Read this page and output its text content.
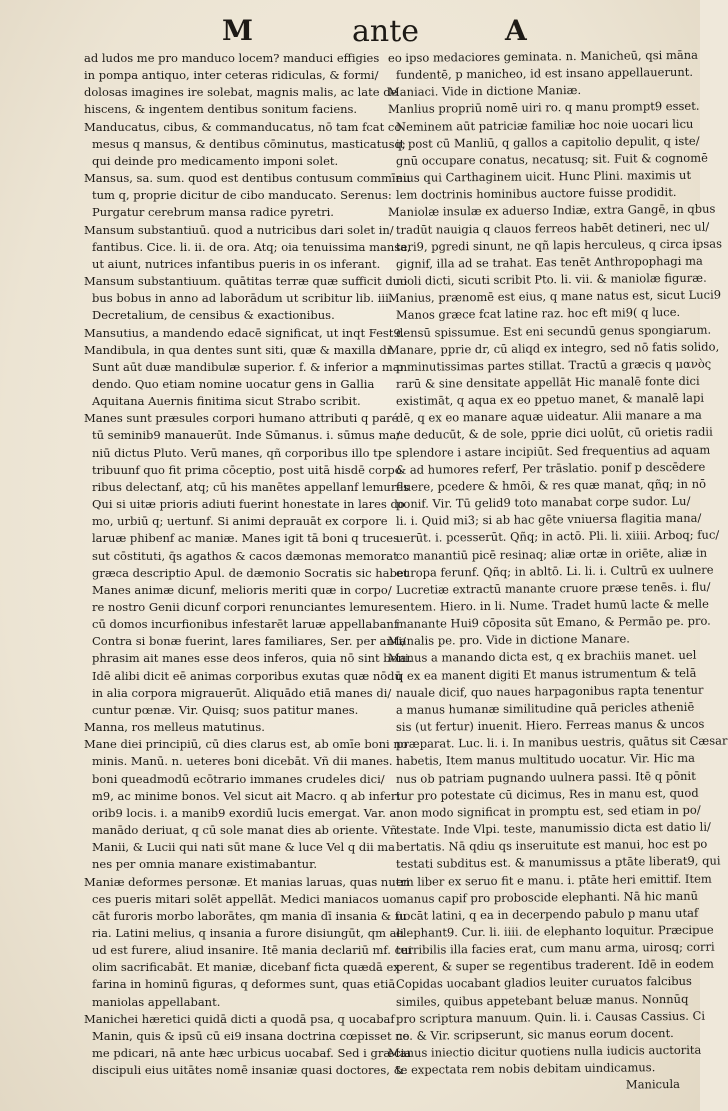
M	ante	A
ad ludos me pro manduco locem? manduci effigies
in pompa antiquo, inter ceteras ridiculas, & formi/
dolosas imagines ire solebat, magnis malis, ac late de
hiscens, & ingentem dentibus sonitum faciens.
Manducatus, cibus, & commanducatus, nō tam fcat co
mesus q mansus, & dentibus cōminutus, masticatusq;
qui deinde pro medicamento imponi solet.
Mansus, sa. sum. quod est dentibus contusum commīnu
tum q, proprie dicitur de cibo manducato. Serenus:
Purgatur cerebrum mansa radice pyretri.
Mansum substantiuū. quod a nutricibus dari solet in/
fantibus. Cice. li. ii. de ora. Atq; oia tenuissima mansa,
ut aiunt, nutrices infantibus pueris in os inferant.
Mansum substantiuum. quātitas terræ quæ sufficit duo
bus bobus in anno ad laborādum ut scribitur lib. iii.
Decretalium, de censibus & exactionibus.
Mansutius, a mandendo edacē significat, ut inqt Fest9.
Mandibula, in qua dentes sunt siti, quæ & maxilla dr.
Sunt aūt duæ mandibulæ superior. f. & inferior a man
dendo. Quo etiam nomine uocatur gens in Gallia
Aquitana Auernis finitima sicut Strabo scribit.
Manes sunt præsules corpori humano attributi q paré
tū seminib9 manauerūt. Inde Sūmanus. i. sūmus ma/
niū dictus Pluto. Verū manes, qñ corporibus illo tpe
tribuunf quo fit prima cōceptio, post uitā hisdē corpo
ribus delectanf, atq; cū his manētes appellanf lemures
Qui si uitæ prioris adiuti fuerint honestate in lares do
mo, urbiū q; uertunf. Si animi deprauāt ex corpore
laruæ phibenf ac maniæ. Manes igit tā boni q truces
sut cōstituti, q̄s agathos & cacos dæmonas memorat
græca descriptio Apul. de dæmonio Socratis sic habet
Manes animæ dicunf, melioris meriti quæ in corpo/
re nostro Genii dicunf corpori renunciantes lemures
cū domos incurfionibus infestarēt laruæ appellabanf
Contra si bonæ fuerint, lares familiares, Ser. per anti/
phrasim ait manes esse deos inferos, quia nō sint boni.
Idē alibi dicit eē animas corporibus exutas quæ nōdū
in alia corpora migrauerūt. Aliquādo etiā manes di/
cuntur pœnæ. Vir. Quisq; suos patitur manes.
Manna, ros melleus matutinus.
Mane diei principiū, cū dies clarus est, ab omīe boni no
minis. Manū. n. ueteres boni dicebāt. Vñ dii manes. i.
boni queadmodū ecōtrario immanes crudeles dici/
m9, ac minime bonos. Vel sicut ait Macro. q ab inferi
orib9 locis. i. a manib9 exordiū lucis emergat. Var. a
manādo deriuat, q cū sole manat dies ab oriente. Vñ
Manii, & Lucii qui nati sūt mane & luce Vel q dii ma
nes per omnia manare existimabantur.
Maniæ deformes personæ. Et manias laruas, quas nutri
ces pueris mitari solēt appellāt. Medici maniacos uo
cāt furoris morbo laborātes, qm mania dī insania & fu
ria. Latini melius, q insania a furore disiungūt, qm ali
ud est furere, aliud insanire. Itē mania declariū mf. cui
olim sacrificabāt. Et maniæ, dicebanf ficta quædā ex
farina in hominū figuras, q deformes sunt, quas etiā
maniolas appellabant.
Manichei hæretici quidā dicti a quodā psa, q uocabaf
Manin, quis & ipsū cū ei9 insana doctrina cœpisset no
me pdicari, nā ante hæc urbicus uocabaf. Sed i græcia
discipuli eius uitātes nomē insaniæ quasi doctores, &
eo ipso medaciores geminata. n. Manicheū, qsi māna
fundentē, p manicheo, id est insano appellauerunt.
Maniaci. Vide in dictione Maniæ.
Manlius propriū nomē uiri ro. q manu prompt9 esset.
Neminem aūt patriciæ familiæ hoc noie uocari licu
it post cū Manliū, q gallos a capitolio depulit, q iste/
gnū occupare conatus, necatusq; sit. Fuit & cognomē
eius qui Carthaginem uicit. Hunc Plini. maximis ut
lem doctrinis hominibus auctore fuisse prodidit.
Maniolæ insulæ ex aduerso Indiæ, extra Gangē, in qbus
tradūt nauigia q clauos ferreos habēt detineri, nec ul/
teri9, pgredi sinunt, ne qñ lapis herculeus, q circa ipsas
gignif, illa ad se trahat. Eas tenēt Anthropophagi ma
nioli dicti, sicuti scribit Pto. li. vii. & maniolæ figuræ.
Manius, prænomē est eius, q mane natus est, sicut Luci9
Manos græce fcat latine raz. hoc eft mi9( q luce.
densū spissumue. Est eni secundū genus spongiarum.
Manare, pprie dr, cū aliqd ex integro, sed nō fatis solido,
p minutissimas partes stillat. Tractū a græcis q μανὸς
rarū & sine densitate appellāt Hic manalē fonte dici
existimāt, q aqua ex eo ppetuo manet, & manalē lapi
dē, q ex eo manare aquæ uideatur. Alii manare a ma
ne deducūt, & de sole, pprie dici uolūt, cū orietis radii
splendore i astare incipiūt. Sed frequentius ad aquam
& ad humores referf, Per trāslatio. ponif p descēdere
fluere, pcedere & hmōi, & res quæ manat, qñq; in nō
ponif. Vir. Tū gelid9 toto manabat corpe sudor. Lu/
li. i. Quid mi3; si ab hac gēte vniuersa flagitia mana/
uerūt. i. pcesserūt. Qñq; in actō. Pli. li. xiiii. Arboq; fuc/
co manantiū picē resinaq; aliæ ortæ in oriēte, aliæ in
europa ferunf. Qñq; in abltō. Li. li. i. Cultrū ex uulnere
Lucretiæ extractū manante cruore præse tenēs. i. flu/
entem. Hiero. in li. Nume. Tradet humū lacte & melle
manante Hui9 cōposita sūt Emano, & Permāo pe. pro.
Manalis pe. pro. Vide in dictione Manare.
Manus a manando dicta est, q ex brachiis manet. uel
q ex ea manent digiti Et manus istrumentum & telā
nauale dicif, quo naues harpagonibus rapta tenentur
a manus humanæ similitudine quā pericles atheniē
sis (ut fertur) inuenit. Hiero. Ferreas manus & uncos
præparat. Luc. li. i. In manibus uestris, quātus sit Cæsar
habetis, Item manus multitudo uocatur. Vir. Hic ma
nus ob patriam pugnando uulnera passi. Itē q pōnit
tur pro potestate cū dicimus, Res in manu est, quod
non modo significat in promptu est, sed etiam in po/
testate. Inde Vlpi. teste, manumissio dicta est datio li/
bertatis. Nā qdiu qs inseruitute est manui, hoc est po
testati subditus est. & manumissus a ptāte liberat9, qui
em liber ex seruo fit e manu. i. ptāte heri emittif. Item
manus capif pro proboscide elephanti. Nā hic manū
uocāt latini, q ea in decerpendo pabulo p manu utaf
elephant9. Cur. li. iiii. de elephanto loquitur. Præcipue
terribilis illa facies erat, cum manu arma, uirosq; corri
perent, & super se regentibus traderent. Idē in eodem
Copidas uocabant gladios leuiter curuatos falcibus
similes, quibus appetebant beluæ manus. Nonnūq
pro scriptura manuum. Quin. li. i. Causas Cassius. Ci
ce. & Vir. scripserunt, sic manus eorum docent.
Manus iniectio dicitur quotiens nulla iudicis auctorita
te expectata rem nobis debitam uindicamus.
Manicula
